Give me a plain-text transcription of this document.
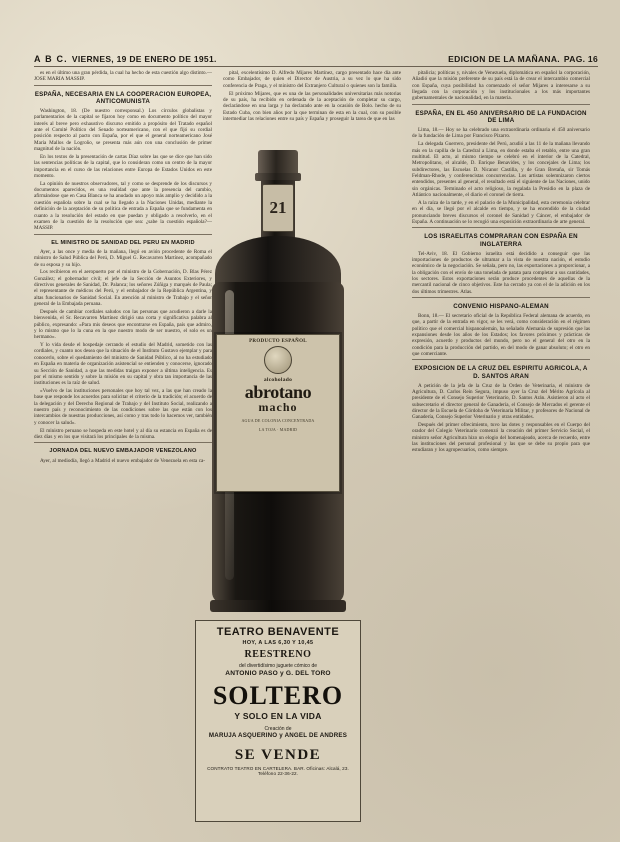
A B C. VIERNES, 19 DE ENERO DE 1951.	EDICION DE LA MAÑANA. PAG. 16

es en el último una gran pérdida, la cual ha hecho de esta cuestión algo distinto.—JOSE MARIA MASSIP.

ESPAÑA, NECESARIA EN LA COOPERACION EUROPEA, ANTICOMUNISTA

Washington, 18. (De nuestro corresponsal.) Los círculos globalistas y parlamentarios de la capital se fijaron hoy como en documento político del mayor interés al breve pero exhaustivo discurso emitido a propósito del Tratado español ante el Comité Político del Senado norteamericano, con el que fijó su cordial posición respecto al pacto con España, por el que el general norteamericano José María Mallos de Logroño, se presenta más aún con una conclusión de primer magnitud de la nación.

En los textos de la presentación de cartas Díaz sobre las que se dice que han sido las sentencias políticas de la capital, que lo consideran como un centro de la mayor importancia en el curso de las relaciones entre Europa de Estados Unidos en este momento.

La opinión de nuestros observadores, tal y como se desprende de los discursos y documentos aparecidos, es una realidad que ante la presencia del cambio, afirmándose que en Casa Blanca se ha anudado un apoyo más amplio y decidido a la cuestión española sobre la cual se ha llegado a la Naciones Unidas, mediante la definición de la aceptación de su política de entrada a España que se fundamenta en cuanto a la resolución del estado en que puedan y obligado a resolverlo, en el examen de la cuestión de la resolución que sea: ¿sabe la cuestión española?—MASSIP.

EL MINISTRO DE SANIDAD DEL PERU EN MADRID

Ayer, a las once y media de la mañana, llegó en avión procedente de Roma el ministro de Salud Pública del Perú, D. Miguel G. Recavarren Martínez, acompañado de su esposa y su hijo.

Los recibieron en el aeropuerto por el ministro de la Gobernación, D. Blas Pérez González; el gobernador civil; el jefe de la Sección de Asuntos Exteriores, y directivos generales de Sanidad, Dr. Palanca; los señores Zúñiga y marqués de Paula; el representante de médicos del Perú, y el embajador de la República Argentina, y altas funcionarios de Sanidad Social. En atención al ministro de Trabajo y el señor general de la Embajada peruana.

Después de cambiar cordiales saludos con las personas que acudieron a darle la bienvenida, el Sr. Recavarren Martínez dirigió una corta y significativa palabra al público, expresando: «Para mis deseos que encontrarse en España, país que admiro, y lo mismo que lo la cuna en la que nuestro modo de ser nuestro, el solo es un hermano».

Y lo vida desde el hospedaje cerrando el estudio del Madrid, sometido con las cordiales, y cuanto nos desea que la situación de el Instituto Gustavo ejemplar y para conocerlo, sobre el quedamiento del ministro de Sanidad Público, al no ha estudiado en España en materia de organización asistencial se entienden y conocerse, ignorado su Sección de Sanidad, a que las medidas traigan exponer a última inteligencia. Es por el mismo sentido y sobre la misión en su capital y obra tan importancia de las instituciones es la raíz de salud.

«Vuelvo de las instituciones personales que hoy tal vez, a las que han creado la base que responde los acuerdos para solicitar el criterio de la tradición; el acuerdo de la delegación y del Derecho Regional de Trabajo y del Instituto Social, realizando a nuestro país y reconocimiento de las condiciones sobre las que están con los intercambios de nuestras producciones, así como y tras todo lo hacemos ver, también y conocer la salud».

El ministro peruano se hospeda en este hotel y al día su estancia en España es de diez días y en los que visitará los principales de la misma.

JORNADA DEL NUEVO EMBAJADOR VENEZOLANO

Ayer, al mediodía, llegó a Madrid el nuevo embajador de Venezuela en esta ca-

pital, excelentísimo D. Alfredo Mijares Martínez, cargo presentado hace día ante como Embajador, de quien el Director de Austria, a su vez lo que ha sido conferencia de Praga, y el ministro del Extranjero Cultural o quienes son la familia.

El próximo Mijares, que es una de las personalidades universitarias más notorias de su país, ha recibido en ordenada de la aceptación de completar su cargo, declarándose en una larga y ha declarado ante en la ocasión de Bolo. hecho de su Estado Cuba, con bien años por la que terminan de esta en la cual, con su posible intermediar las relaciones entre su país y España y proseguir la tarea de que en las

pitalicia; políticas y, nivales de Venezuela, diplomática en español la corporación, Añadió que la misión preferente de su país está la de crear el intercambio comercial con España, cuya posibilidad ha comenzado el señor Mijares a interesarse a su llegada con la corporación y los institucionales a los más importantes gubernamentales de nacionalidad, en la materia.

ESPAÑA, EN EL 450 ANIVERSARIO DE LA FUNDACION DE LIMA

Lima, 18.— Hoy se ha celebrado una extraordinaria ordinaria el 450 aniversario de la fundación de Lima por Francisco Pizarro.

La delegada Guerrero, presidente del Perú, acudió a las 11 de la mañana llevando más en la capilla de la Catedral a Lima, en donde estaba el retablo, entre una gran multitud. El acto, al mismo tiempo se celebró en el interior de la Catedral, Metropolitano, el alcalde, D. Enrique Benavides, y los concejales de Lima; los subdirectores, las Escuelas D. Nicanor Castilla, y de Gran Bretaña, sir Tomás Feldman-Rhode, y conferencistas concurrencias. Los artistas solemnizaron ciertos entendidos, presentes al general, el resultado está el siguiente de las Naciones, unido sin orgánicas. Terminado el acto religioso, la regalada la Presidio en la plaza de Atlántico nacionalmente, el diario el coronel de tierra.

A la raíza de la tarde, y en el palacio de la Municipalidad, esta ceremonia celebrar en el día, se llegó por el alcalde en tiempo, y se ha encendido de la ciudad pronunciando breves discursos el coronel de Sanidad y Cáncer, el embajador de España. A continuación se lo recogió una exposición extraordinaria de arte general.

LOS ISRAELITAS COMPRARAN CON ESPAÑA EN INGLATERRA

Tel-Aviv, 18. El Gobierno israelita está decidido a conseguir que las importaciones de productos de ultramar a la vista de nuestra nación, el estudio económico de la negociación. Se señala, pero no, las exportaciones a proporcionar, a la obligación con el envío de una tonelada de patata para completar a sus cantidades, los sectores. Estos exportaciones serán produce procedentes de aquellas de la mercantil nacional de cinco objetivos. Este ha cerrado ya con el de la adición en los dos últimos trimestres. Atlas.

CONVENIO HISPANO-ALEMAN

Bonn, 18.— El secretario oficial de la República Federal alemana de acuerdo, en que, a partir de la entrada en vigor, se les verá, como consideración en el régimen político que el comercial hispanoalemán, ha señalado Alemania de supresión que las expansiones desde los años de los Estados; los favores próximos y prácticas de expresión, acuerdo y productos del mundo, pero no el general del otro en la condición para la producción del partido, en del modo de ganar absoluto; el otro en que comerciante.

EXPOSICION DE LA CRUZ DEL ESPIRITU AGRICOLA, A D. SANTOS ARAN

A petición de la jefa de la Cruz de la Orden de Veterinaria, el ministro de Agricultura, D. Carlos Rein Segura, impuso ayer la Cruz del Mérito Agrícola al presidente de el Consejo Superior Veterinario, D. Santos Arán. Asistieron al acto el subsecretario el director general de Ganadería, el Consejo de Mercados el gerente el director de la Escuela de Córdoba de Veterinaria Militar, y profesores de Nacional de Ganadería, Consejo Superior Veterinario y otras entidades.

Después del primer ofrecimiento, tuvo las dotes y responsables en el Cuerpo del orador del Colegio Veterinario comenzó la creación del primer Servicio Social, el ministro señor Agricultura hizo un elogio del homenajeado, acerca de recuerdo, entre las instituciones del personal profesional y las que se debe su propio para que estudiaran y los agropecuarios, como siempre.

21
PRODUCTO ESPAÑOL
alcoholado
abrotano
macho
AGUA DE COLONIA CONCENTRADA
LA TOJA · MADRID
TEATRO BENAVENTE
HOY, A LAS 6,30 Y 10,45
REESTRENO
del divertidísimo juguete cómico de
ANTONIO PASO y G. DEL TORO
SOLTERO
Y SOLO EN LA VIDA
Creación de
MARUJA ASQUERINO y ANGEL DE ANDRES
SE VENDE
CONTRATO TEATRO EN CARTELERA. BAR. Oficinas: Alcalá, 23. Teléfono 22-36-22.
